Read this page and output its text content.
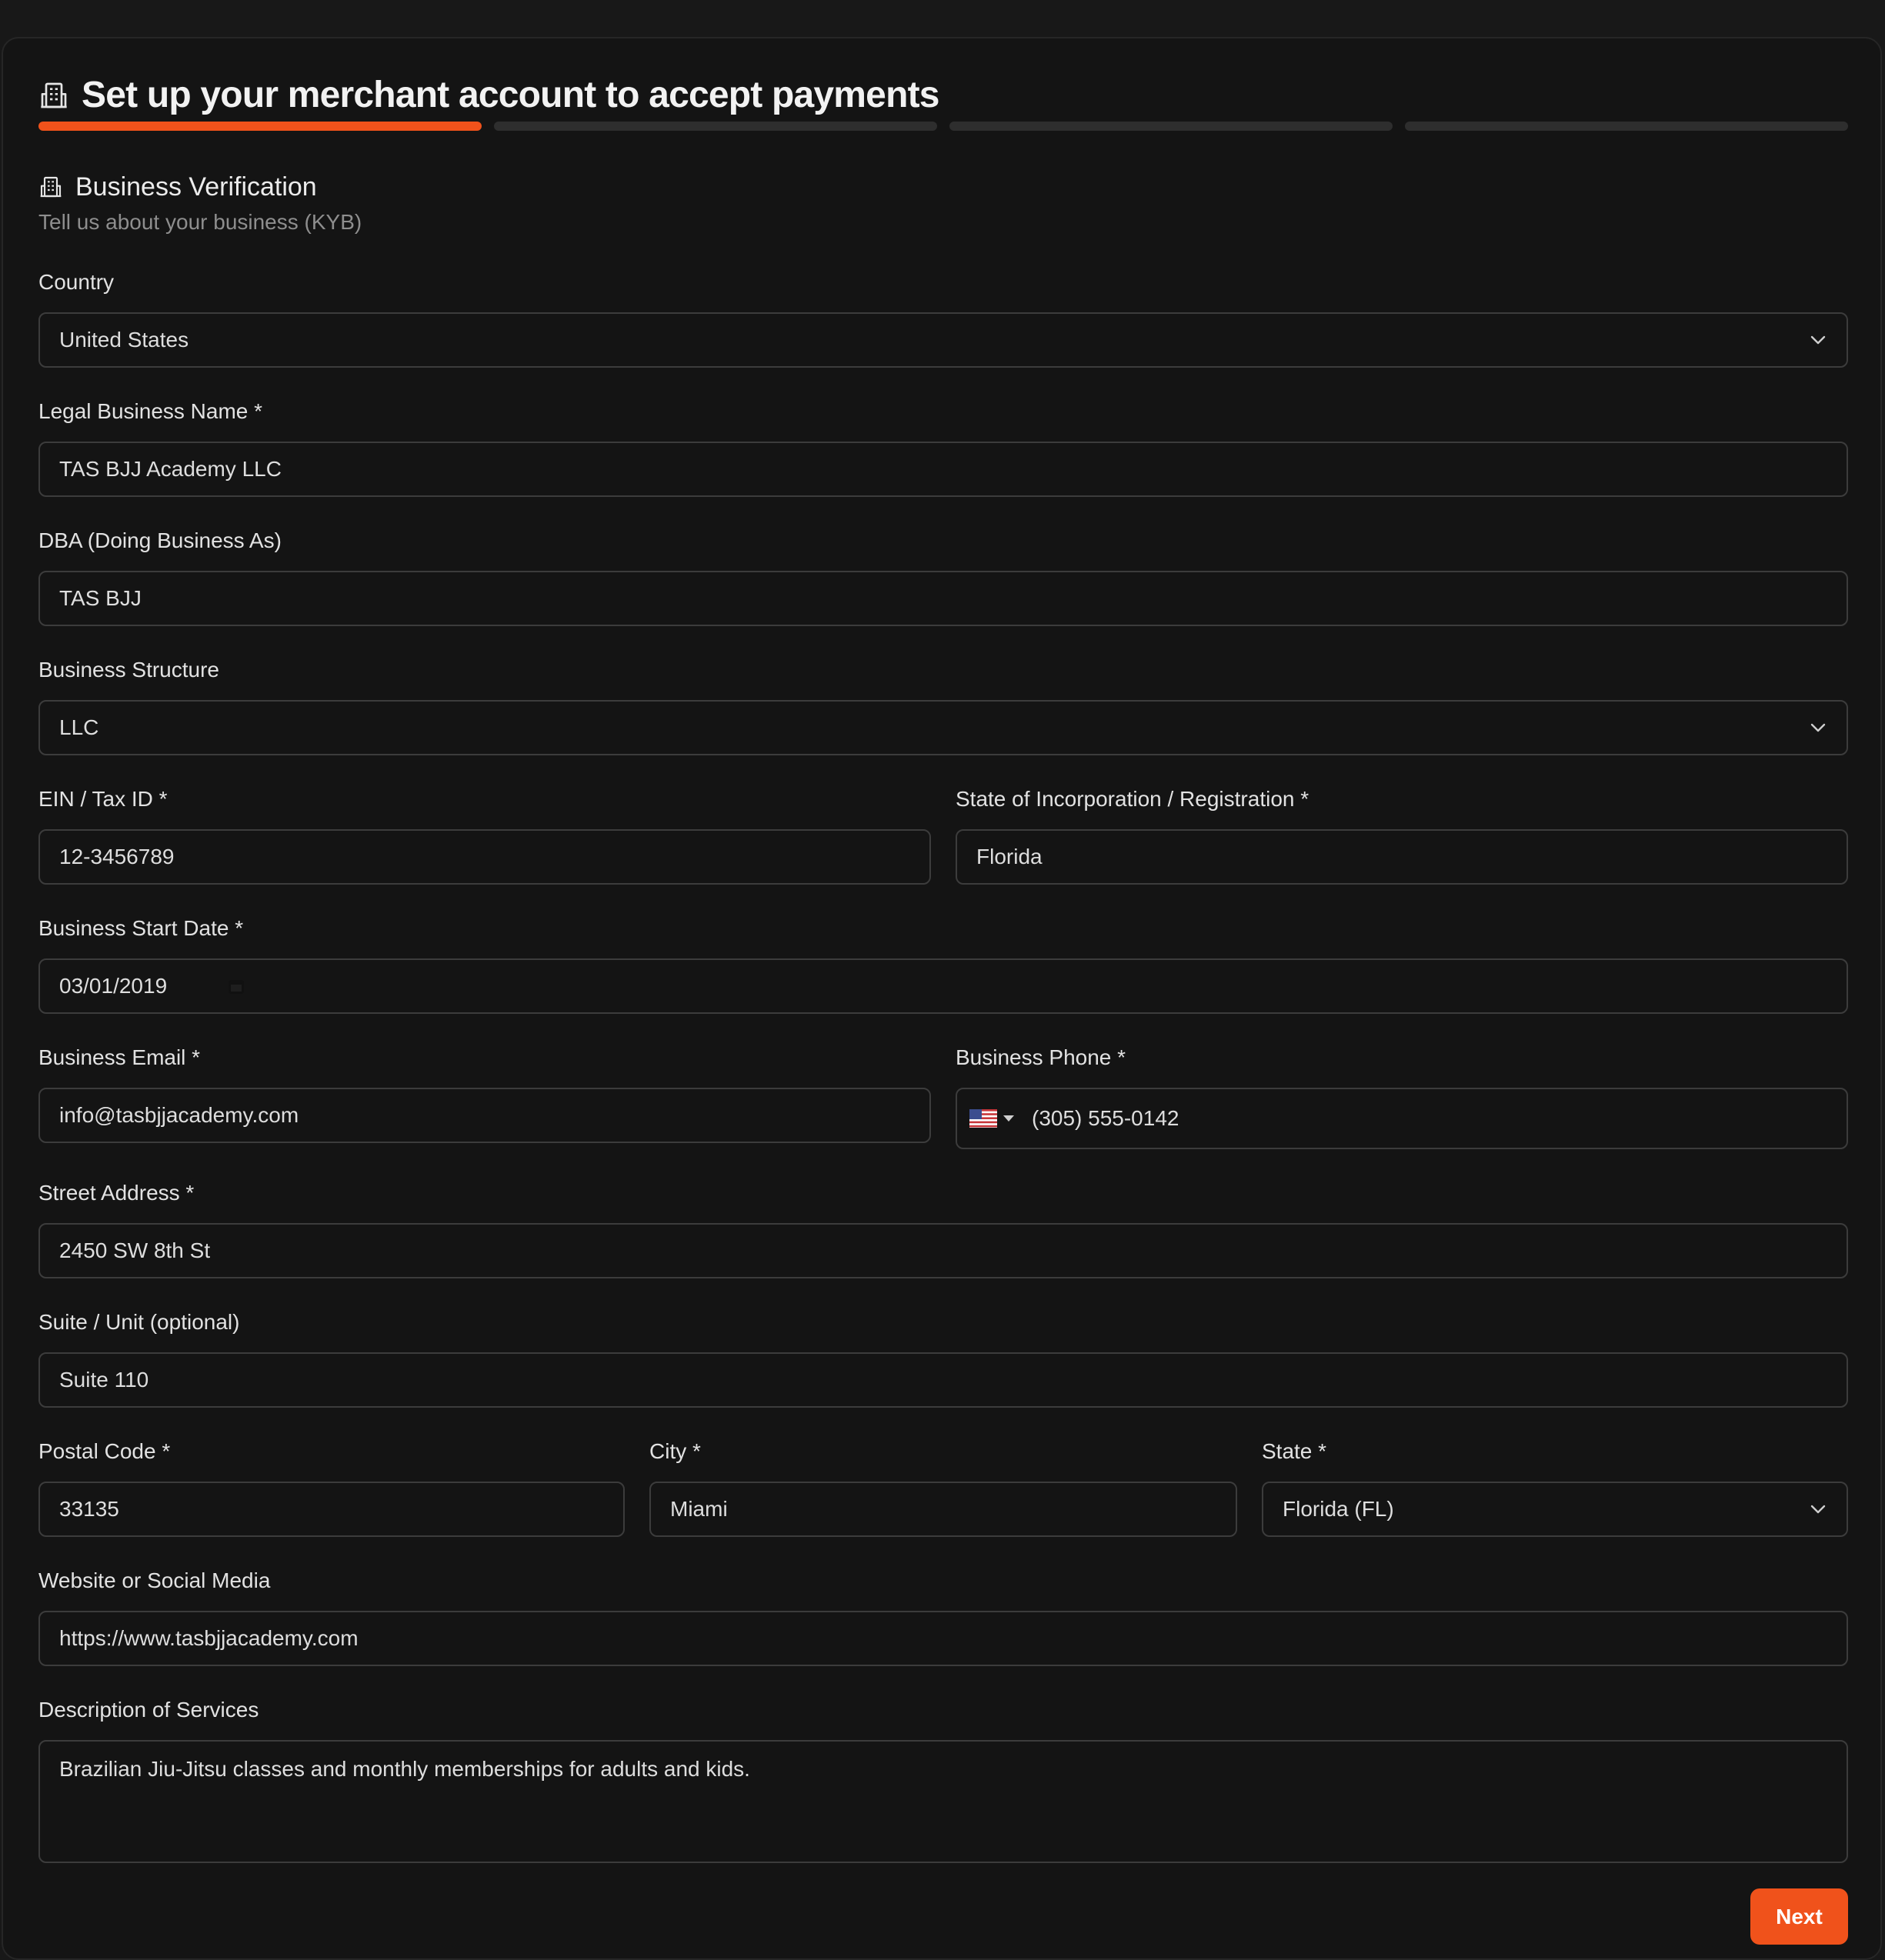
Set up your merchant account to accept payments
Business Verification
Tell us about your business (KYB)
Country
United States
Legal Business Name *
TAS BJJ Academy LLC
DBA (Doing Business As)
TAS BJJ
Business Structure
LLC
EIN / Tax ID *
12-3456789
State of Incorporation / Registration *
Florida
Business Start Date *
03/01/2019
Business Email *
info@tasbjjacademy.com
Business Phone *
(305) 555-0142
Street Address *
2450 SW 8th St
Suite / Unit (optional)
Suite 110
Postal Code *
33135
City *
Miami
State *
Florida (FL)
Website or Social Media
https://www.tasbjjacademy.com
Description of Services
Brazilian Jiu-Jitsu classes and monthly memberships for adults and kids.
Next
